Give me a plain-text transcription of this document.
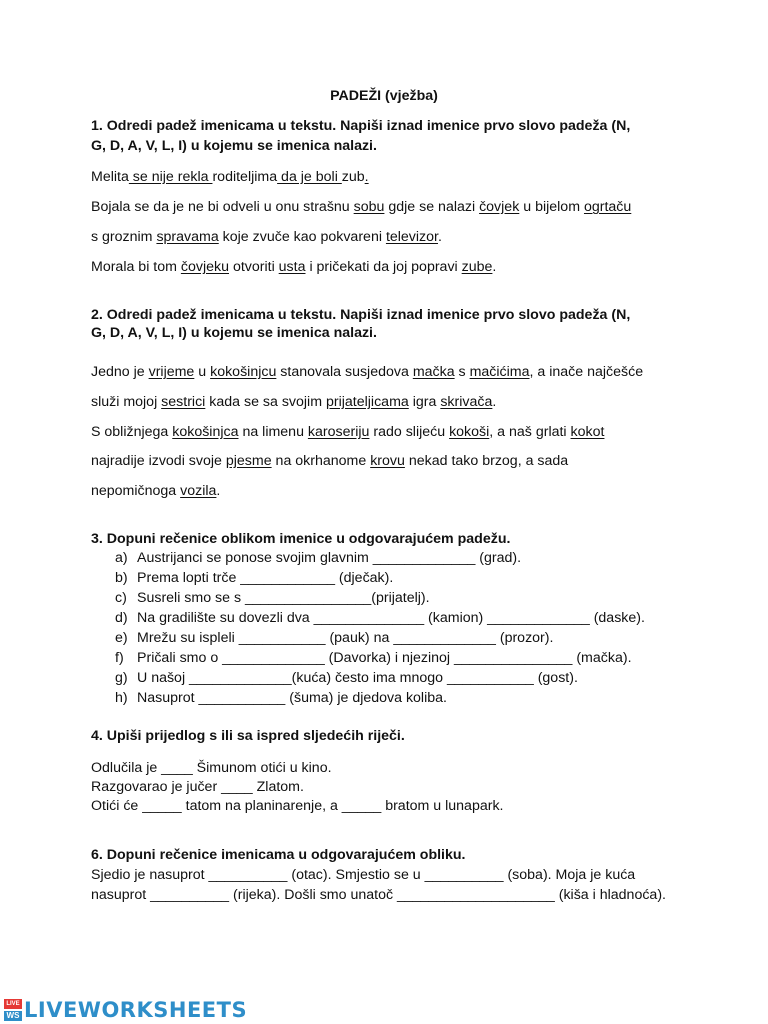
PADEŽI (vježba)
1. Odredi padež imenicama u tekstu. Napiši iznad imenice prvo slovo padeža (N,
G, D, A, V, L, I) u kojemu se imenica nalazi.
Melita se nije rekla roditeljima da je boli zub.
Bojala se da je ne bi odveli u onu strašnu sobu gdje se nalazi čovjek u bijelom ogrtaču
s groznim spravama koje zvuče kao pokvareni televizor.
Morala bi tom čovjeku otvoriti usta i pričekati da joj popravi zube.
2. Odredi padež imenicama u tekstu. Napiši iznad imenice prvo slovo padeža (N,
G, D, A, V, L, I) u kojemu se imenica nalazi.
Jedno je vrijeme u kokošinjcu stanovala susjedova mačka s mačićima, a inače najčešće
služi mojoj sestrici kada se sa svojim prijateljicama igra skrivača.
S obližnjega kokošinjca na limenu karoseriju rado slijeću kokoši, a naš grlati kokot
najradije izvodi svoje pjesme na okrhanome krovu nekad tako brzog, a sada
nepomičnoga vozila.
3. Dopuni rečenice oblikom imenice u odgovarajućem padežu.
a) Austrijanci se ponose svojim glavnim _____________ (grad).
b) Prema lopti trče ____________ (dječak).
c) Susreli smo se s ________________(prijatelj).
d) Na gradilište su dovezli dva ______________ (kamion) _____________ (daske).
e) Mrežu su ispleli ___________ (pauk) na _____________ (prozor).
f) Pričali smo o _____________ (Davorka) i njezinoj _______________ (mačka).
g) U našoj _____________(kuća) često ima mnogo ___________ (gost).
h) Nasuprot ___________ (šuma) je djedova koliba.
4. Upiši prijedlog s ili sa ispred sljedećih riječi.
Odlučila je ____ Šimunom otići u kino.
Razgovarao je jučer ____ Zlatom.
Otići će _____ tatom na planinarenje, a _____ bratom u lunapark.
6. Dopuni rečenice imenicama u odgovarajućem obliku.
Sjedio je nasuprot __________ (otac). Smjestio se u __________ (soba). Moja je kuća
nasuprot __________ (rijeka). Došli smo unatoč ____________________ (kiša i hladnoća).
LIVE
WS LIVEWORKSHEETS
